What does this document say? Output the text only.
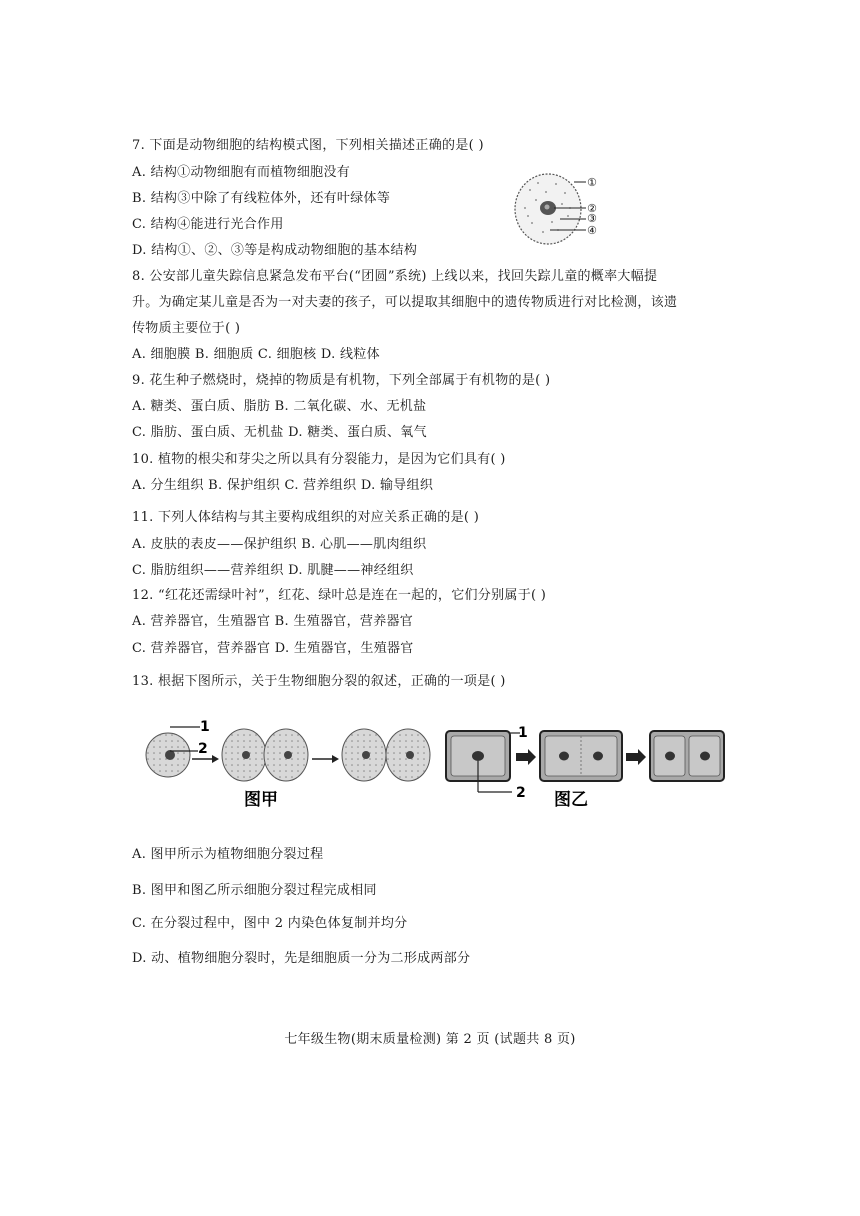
7. 下面是动物细胞的结构模式图，下列相关描述正确的是( )
A. 结构①动物细胞有而植物细胞没有
B. 结构③中除了有线粒体外，还有叶绿体等
C. 结构④能进行光合作用
D. 结构①、②、③等是构成动物细胞的基本结构
①
②
③
④
8. 公安部儿童失踪信息紧急发布平台(“团圆”系统) 上线以来，找回失踪儿童的概率大幅提
升。为确定某儿童是否为一对夫妻的孩子，可以提取其细胞中的遗传物质进行对比检测，该遗
传物质主要位于( )
A. 细胞膜 B. 细胞质 C. 细胞核 D. 线粒体
9. 花生种子燃烧时，烧掉的物质是有机物，下列全部属于有机物的是( )
A. 糖类、蛋白质、脂肪 B. 二氧化碳、水、无机盐
C. 脂肪、蛋白质、无机盐 D. 糖类、蛋白质、氧气
10. 植物的根尖和芽尖之所以具有分裂能力，是因为它们具有( )
A. 分生组织 B. 保护组织 C. 营养组织 D. 输导组织
11. 下列人体结构与其主要构成组织的对应关系正确的是( )
A. 皮肤的表皮——保护组织 B. 心肌——肌肉组织
C. 脂肪组织——营养组织 D. 肌腱——神经组织
12. “红花还需绿叶衬”，红花、绿叶总是连在一起的，它们分别属于( )
A. 营养器官，生殖器官 B. 生殖器官，营养器官
C. 营养器官，营养器官 D. 生殖器官，生殖器官
13. 根据下图所示，关于生物细胞分裂的叙述，正确的一项是( )
1
2
图甲
1
2 图乙
A. 图甲所示为植物细胞分裂过程
B. 图甲和图乙所示细胞分裂过程完成相同
C. 在分裂过程中，图中 2 内染色体复制并均分
D. 动、植物细胞分裂时，先是细胞质一分为二形成两部分
七年级生物(期末质量检测) 第 2 页 (试题共 8 页)
